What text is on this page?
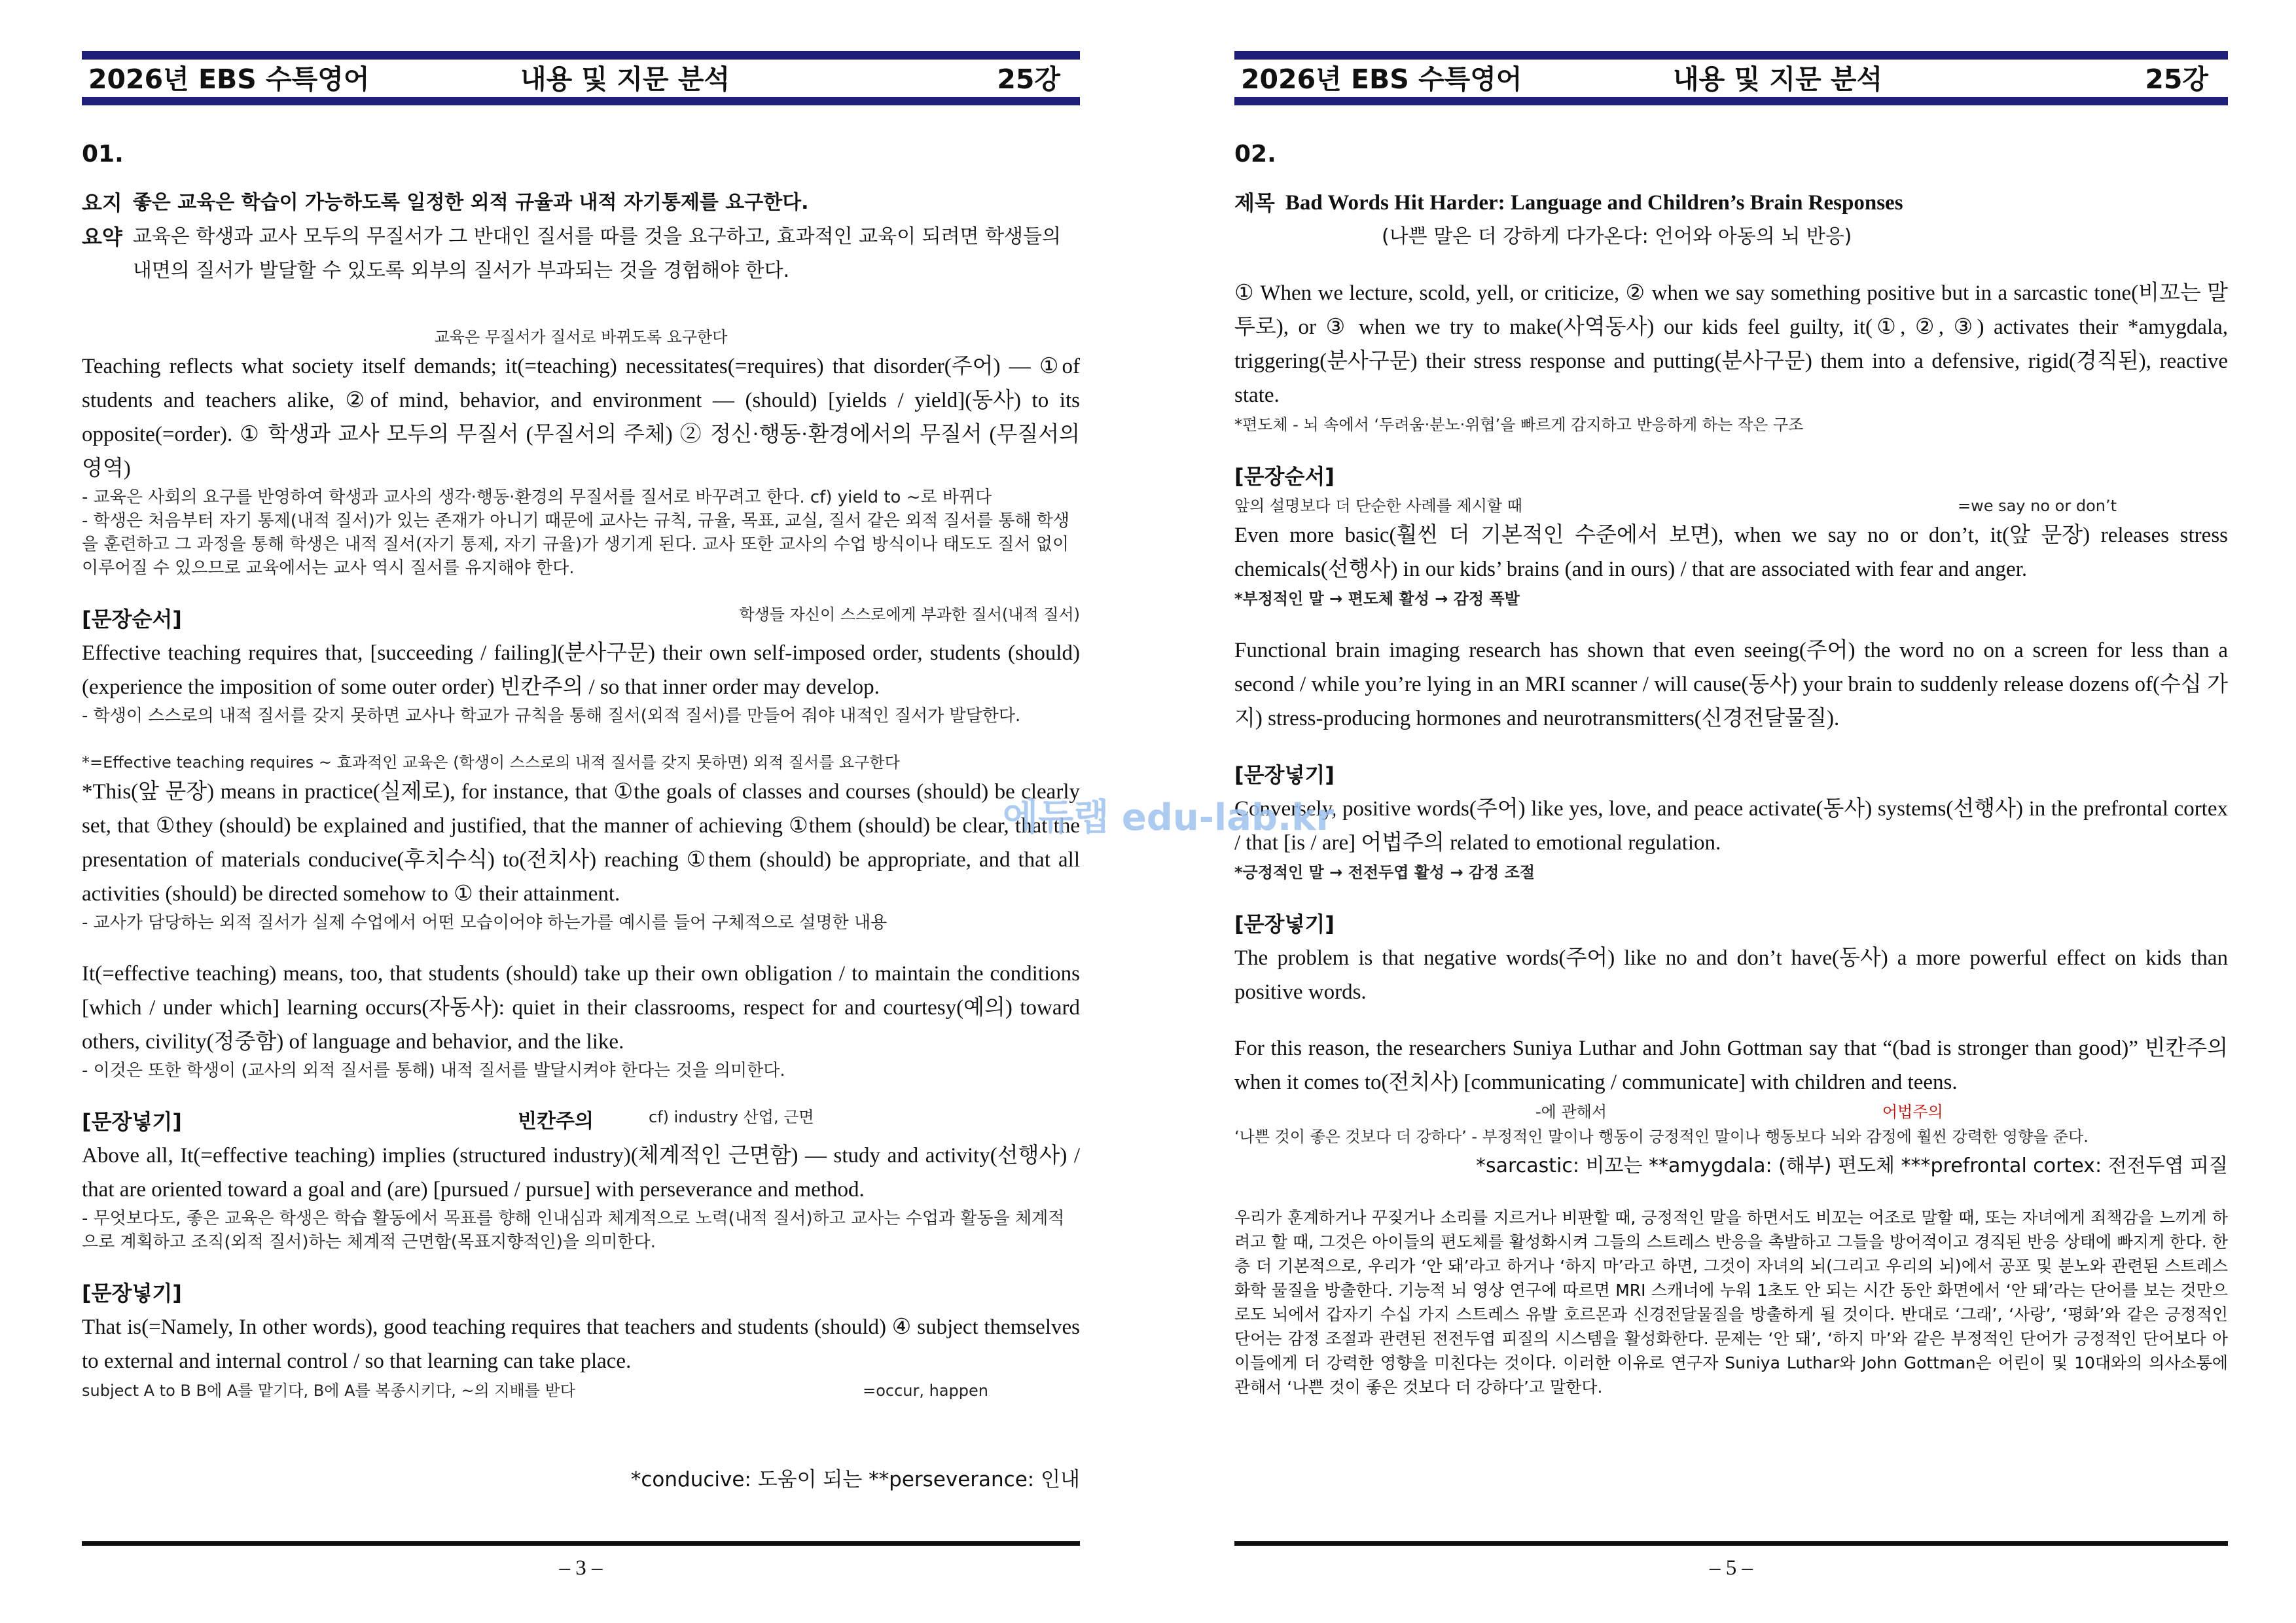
2026년 EBS 수특영어	내용 및 지문 분석	25강
01.
요지 좋은 교육은 학습이 가능하도록 일정한 외적 규율과 내적 자기통제를 요구한다.
요약 교육은 학생과 교사 모두의 무질서가 그 반대인 질서를 따를 것을 요구하고, 효과적인 교육이 되려면 학생들의 내면의 질서가 발달할 수 있도록 외부의 질서가 부과되는 것을 경험해야 한다.
교육은 무질서가 질서로 바뀌도록 요구한다

Teaching reflects what society itself demands; it(=teaching) necessitates(=requires) that disorder(주어) — ①of students and teachers alike, ②of mind, behavior, and environment — (should) [yields / yield](동사) to its opposite(=order). ① 학생과 교사 모두의 무질서 (무질서의 주체) ② 정신·행동·환경에서의 무질서 (무질서의 영역)

- 교육은 사회의 요구를 반영하여 학생과 교사의 생각·행동·환경의 무질서를 질서로 바꾸려고 한다. cf) yield to ~로 바뀌다
- 학생은 처음부터 자기 통제(내적 질서)가 있는 존재가 아니기 때문에 교사는 규칙, 규율, 목표, 교실, 질서 같은 외적 질서를 통해 학생을 훈련하고 그 과정을 통해 학생은 내적 질서(자기 통제, 자기 규율)가 생기게 된다. 교사 또한 교사의 수업 방식이나 태도도 질서 없이 이루어질 수 있으므로 교육에서는 교사 역시 질서를 유지해야 한다.
[문장순서]	학생들 자신이 스스로에게 부과한 질서(내적 질서)

Effective teaching requires that, [succeeding / failing](분사구문) their own self-imposed order, students (should) (experience the imposition of some outer order) 빈칸주의 / so that inner order may develop.

- 학생이 스스로의 내적 질서를 갖지 못하면 교사나 학교가 규칙을 통해 질서(외적 질서)를 만들어 줘야 내적인 질서가 발달한다.
*=Effective teaching requires ~ 효과적인 교육은 (학생이 스스로의 내적 질서를 갖지 못하면) 외적 질서를 요구한다

*This(앞 문장) means in practice(실제로), for instance, that ①the goals of classes and courses (should) be clearly set, that ①they (should) be explained and justified, that the manner of achieving ①them (should) be clear, that the presentation of materials conducive(후치수식) to(전치사) reaching ①them (should) be appropriate, and that all activities (should) be directed somehow to ① their attainment.

- 교사가 담당하는 외적 질서가 실제 수업에서 어떤 모습이어야 하는가를 예시를 들어 구체적으로 설명한 내용

It(=effective teaching) means, too, that students (should) take up their own obligation / to maintain the conditions [which / under which] learning occurs(자동사): quiet in their classrooms, respect for and courtesy(예의) toward others, civility(정중함) of language and behavior, and the like.

- 이것은 또한 학생이 (교사의 외적 질서를 통해) 내적 질서를 발달시켜야 한다는 것을 의미한다.
[문장넣기]	빈칸주의	cf) industry 산업, 근면

Above all, It(=effective teaching) implies (structured industry)(체계적인 근면함) — study and activity(선행사) / that are oriented toward a goal and (are) [pursued / pursue] with perseverance and method.

- 무엇보다도, 좋은 교육은 학생은 학습 활동에서 목표를 향해 인내심과 체계적으로 노력(내적 질서)하고 교사는 수업과 활동을 체계적으로 계획하고 조직(외적 질서)하는 체계적 근면함(목표지향적인)을 의미한다.
[문장넣기]

That is(=Namely, In other words), good teaching requires that teachers and students (should) ④ subject themselves to external and internal control / so that learning can take place.

subject A to B B에 A를 맡기다, B에 A를 복종시키다, ~의 지배를 받다	=occur, happen
*conducive: 도움이 되는 **perseverance: 인내
– 3 –
2026년 EBS 수특영어	내용 및 지문 분석	25강
02.
제목 Bad Words Hit Harder: Language and Children’s Brain Responses
(나쁜 말은 더 강하게 다가온다: 언어와 아동의 뇌 반응)

① When we lecture, scold, yell, or criticize, ② when we say something positive but in a sarcastic tone(비꼬는 말투로), or ③ when we try to make(사역동사) our kids feel guilty, it(①, ②, ③) activates their *amygdala, triggering(분사구문) their stress response and putting(분사구문) them into a defensive, rigid(경직된), reactive state.

*편도체 - 뇌 속에서 ‘두려움·분노·위협’을 빠르게 감지하고 반응하게 하는 작은 구조
[문장순서]
앞의 설명보다 더 단순한 사례를 제시할 때	=we say no or don’t

Even more basic(훨씬 더 기본적인 수준에서 보면), when we say no or don’t, it(앞 문장) releases stress chemicals(선행사) in our kids’ brains (and in ours) / that are associated with fear and anger.

*부정적인 말 → 편도체 활성 → 감정 폭발

Functional brain imaging research has shown that even seeing(주어) the word no on a screen for less than a second / while you’re lying in an MRI scanner / will cause(동사) your brain to suddenly release dozens of(수십 가지) stress-producing hormones and neurotransmitters(신경전달물질).

[문장넣기]

Conversely, positive words(주어) like yes, love, and peace activate(동사) systems(선행사) in the prefrontal cortex / that [is / are] 어법주의 related to emotional regulation.

*긍정적인 말 → 전전두엽 활성 → 감정 조절
[문장넣기]

The problem is that negative words(주어) like no and don’t have(동사) a more powerful effect on kids than positive words.

For this reason, the researchers Suniya Luthar and John Gottman say that “(bad is stronger than good)” 빈칸주의 when it comes to(전치사) [communicating / communicate] with children and teens.

-에 관해서	어법주의
‘나쁜 것이 좋은 것보다 더 강하다’ - 부정적인 말이나 행동이 긍정적인 말이나 행동보다 뇌와 감정에 훨씬 강력한 영향을 준다.
*sarcastic: 비꼬는 **amygdala: (해부) 편도체 ***prefrontal cortex: 전전두엽 피질
우리가 훈계하거나 꾸짖거나 소리를 지르거나 비판할 때, 긍정적인 말을 하면서도 비꼬는 어조로 말할 때, 또는 자녀에게 죄책감을 느끼게 하려고 할 때, 그것은 아이들의 편도체를 활성화시켜 그들의 스트레스 반응을 촉발하고 그들을 방어적이고 경직된 반응 상태에 빠지게 한다. 한층 더 기본적으로, 우리가 ‘안 돼’라고 하거나 ‘하지 마’라고 하면, 그것이 자녀의 뇌(그리고 우리의 뇌)에서 공포 및 분노와 관련된 스트레스 화학 물질을 방출한다. 기능적 뇌 영상 연구에 따르면 MRI 스캐너에 누워 1초도 안 되는 시간 동안 화면에서 ‘안 돼’라는 단어를 보는 것만으로도 뇌에서 갑자기 수십 가지 스트레스 유발 호르몬과 신경전달물질을 방출하게 될 것이다. 반대로 ‘그래’, ‘사랑’, ‘평화’와 같은 긍정적인 단어는 감정 조절과 관련된 전전두엽 피질의 시스템을 활성화한다. 문제는 ‘안 돼’, ‘하지 마’와 같은 부정적인 단어가 긍정적인 단어보다 아이들에게 더 강력한 영향을 미친다는 것이다. 이러한 이유로 연구자 Suniya Luthar와 John Gottman은 어린이 및 10대와의 의사소통에 관해서 ‘나쁜 것이 좋은 것보다 더 강하다’고 말한다.
– 5 –
에듀랩 edu-lab.kr
